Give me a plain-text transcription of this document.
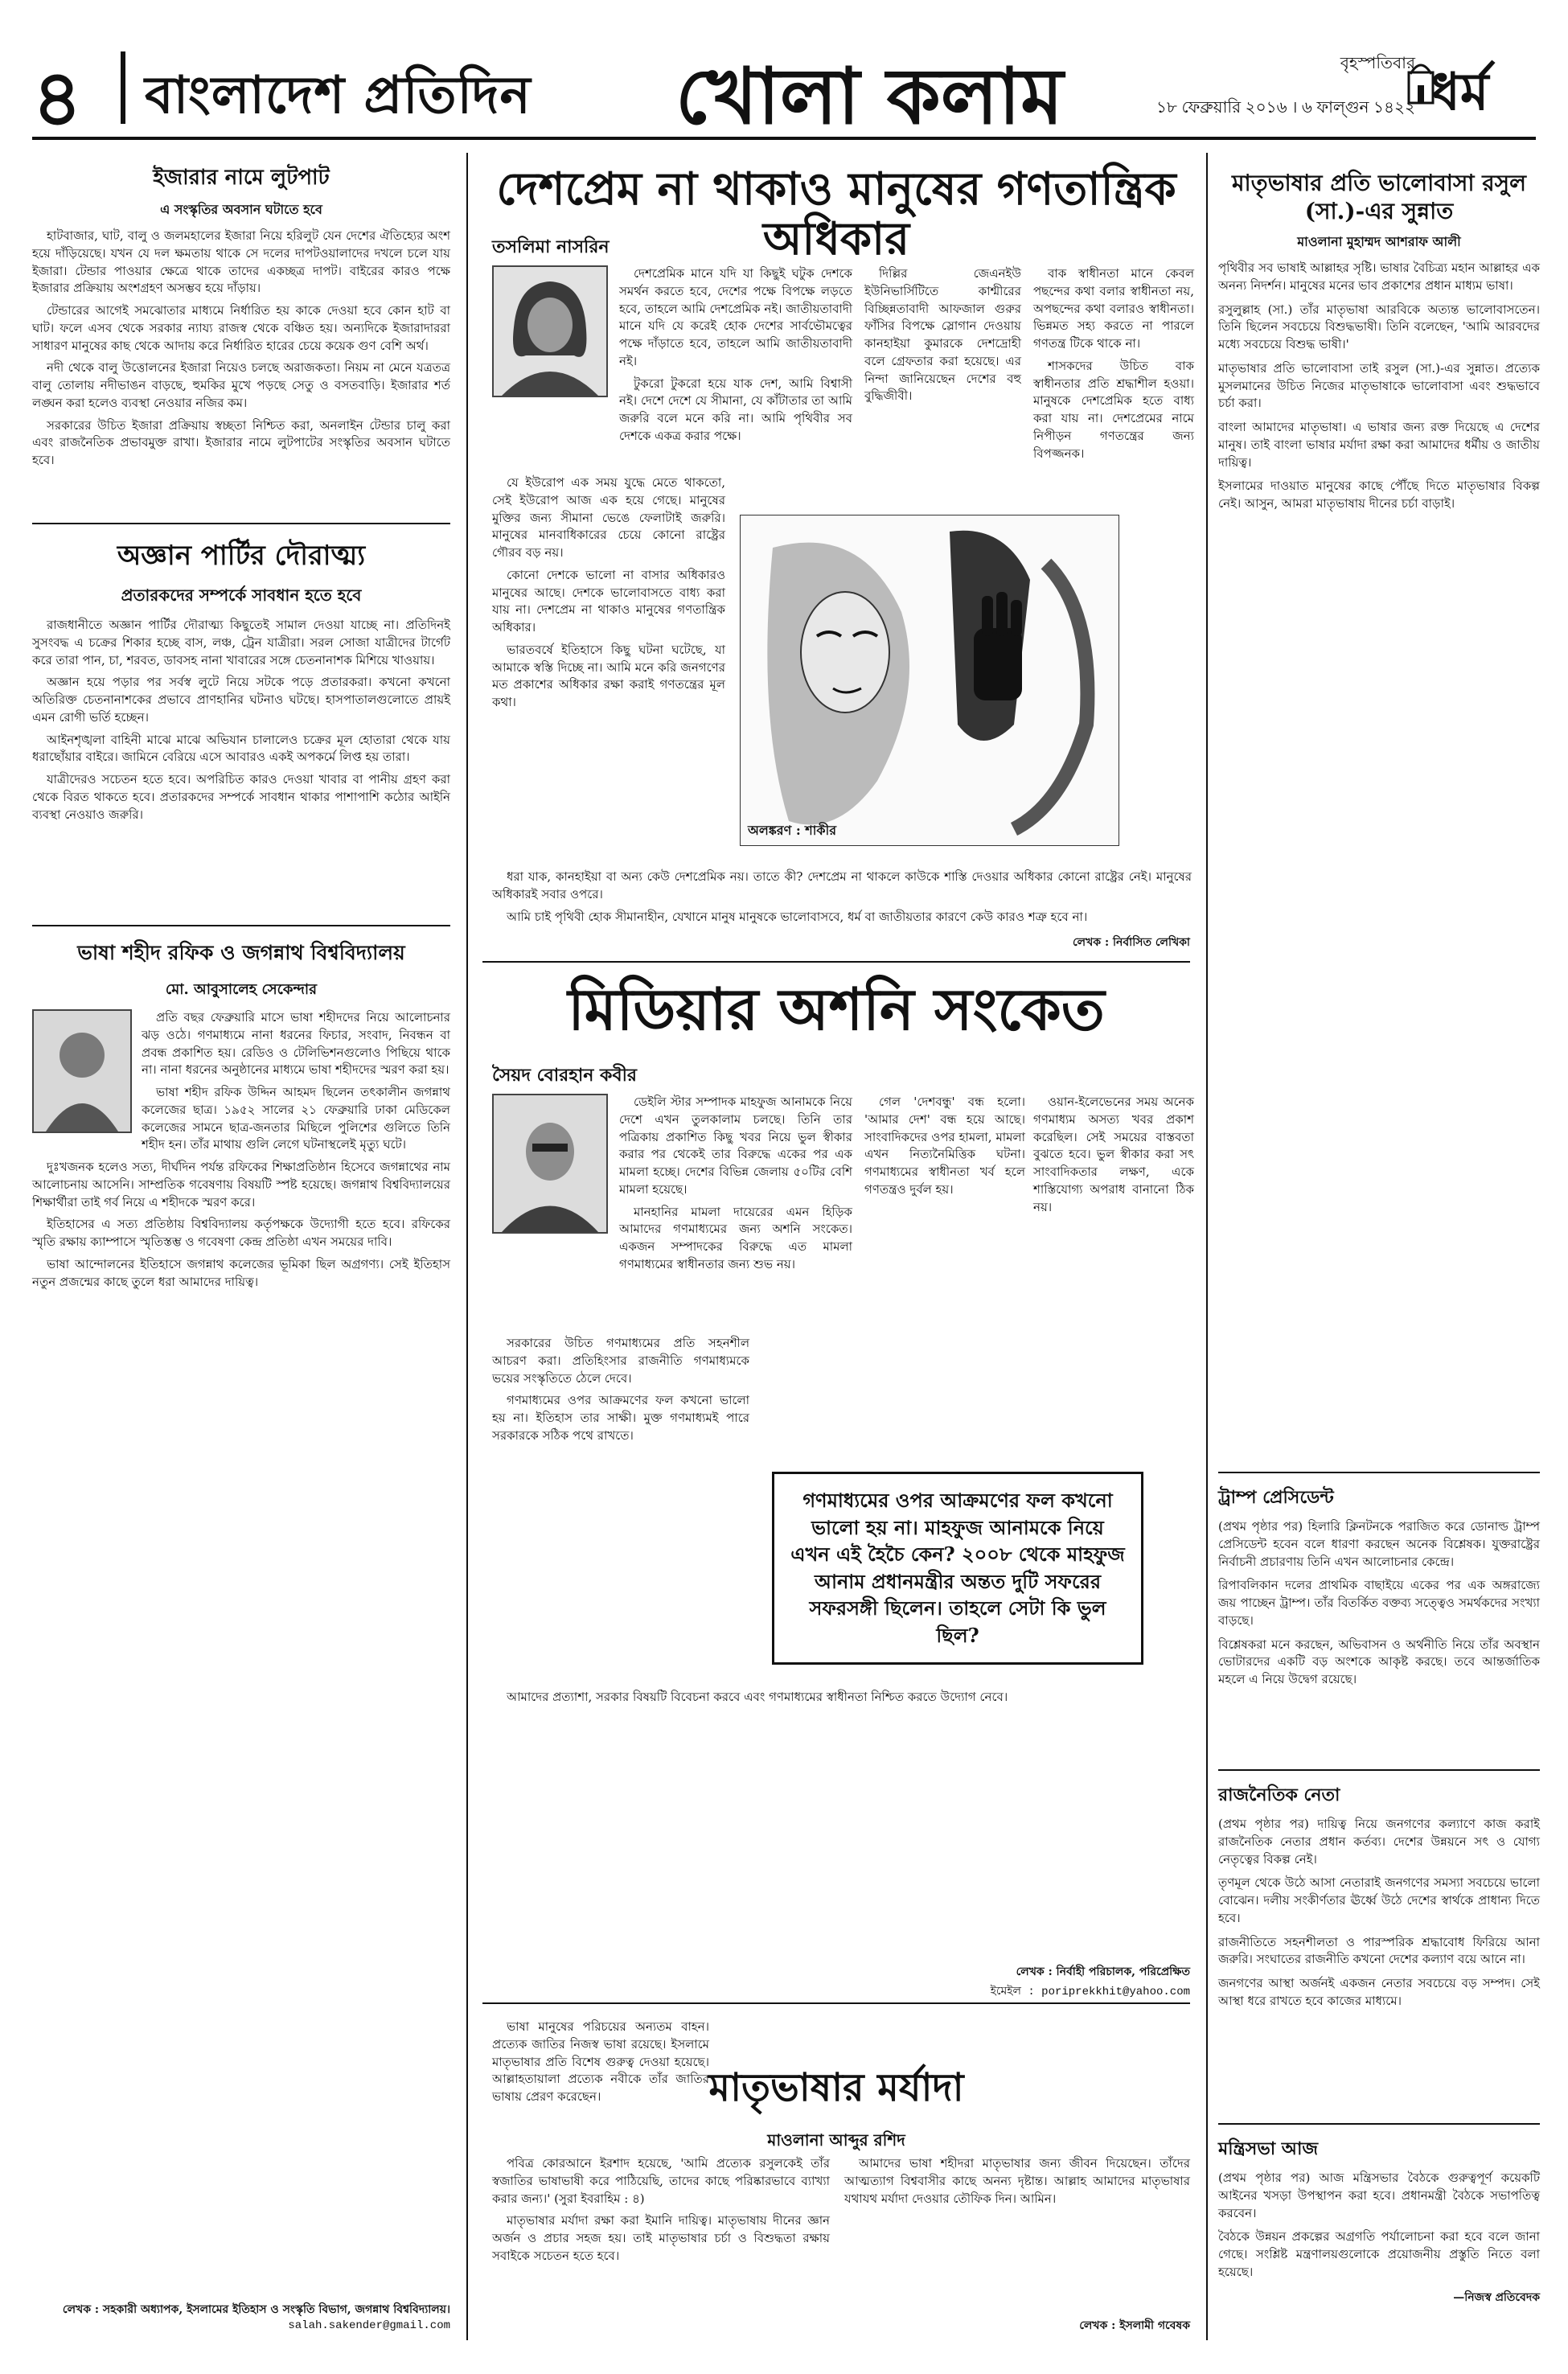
৪ বাংলাদেশ প্রতিদিন খোলা কলাম	বৃহস্পতিবার
১৮ ফেব্রুয়ারি ২০১৬ । ৬ ফাল্গুন ১৪২২ ধর্ম
ইজারার নামে লুটপাট
এ সংস্কৃতির অবসান ঘটাতে হবে

হাটবাজার, ঘাট, বালু ও জলমহালের ইজারা নিয়ে হরিলুট যেন দেশের ঐতিহ্যের অংশ হয়ে দাঁড়িয়েছে। যখন যে দল ক্ষমতায় থাকে সে দলের দাপটওয়ালাদের দখলে চলে যায় ইজারা। টেন্ডার পাওয়ার ক্ষেত্রে থাকে তাদের একচ্ছত্র দাপট। বাইরের কারও পক্ষে ইজারার প্রক্রিয়ায় অংশগ্রহণ অসম্ভব হয়ে দাঁড়ায়।

টেন্ডারের আগেই সমঝোতার মাধ্যমে নির্ধারিত হয় কাকে দেওয়া হবে কোন হাট বা ঘাট। ফলে এসব থেকে সরকার ন্যায্য রাজস্ব থেকে বঞ্চিত হয়। অন্যদিকে ইজারাদাররা সাধারণ মানুষের কাছ থেকে আদায় করে নির্ধারিত হারের চেয়ে কয়েক গুণ বেশি অর্থ।

নদী থেকে বালু উত্তোলনের ইজারা নিয়েও চলছে অরাজকতা। নিয়ম না মেনে যত্রতত্র বালু তোলায় নদীভাঙন বাড়ছে, হুমকির মুখে পড়ছে সেতু ও বসতবাড়ি। ইজারার শর্ত লঙ্ঘন করা হলেও ব্যবস্থা নেওয়ার নজির কম।

সরকারের উচিত ইজারা প্রক্রিয়ায় স্বচ্ছতা নিশ্চিত করা, অনলাইন টেন্ডার চালু করা এবং রাজনৈতিক প্রভাবমুক্ত রাখা। ইজারার নামে লুটপাটের সংস্কৃতির অবসান ঘটাতে হবে।

অজ্ঞান পার্টির দৌরাত্ম্য
প্রতারকদের সম্পর্কে সাবধান হতে হবে

রাজধানীতে অজ্ঞান পার্টির দৌরাত্ম্য কিছুতেই সামাল দেওয়া যাচ্ছে না। প্রতিদিনই সুসংবদ্ধ এ চক্রের শিকার হচ্ছে বাস, লঞ্চ, ট্রেন যাত্রীরা। সরল সোজা যাত্রীদের টার্গেট করে তারা পান, চা, শরবত, ডাবসহ নানা খাবারের সঙ্গে চেতনানাশক মিশিয়ে খাওয়ায়।

অজ্ঞান হয়ে পড়ার পর সর্বস্ব লুটে নিয়ে সটকে পড়ে প্রতারকরা। কখনো কখনো অতিরিক্ত চেতনানাশকের প্রভাবে প্রাণহানির ঘটনাও ঘটছে। হাসপাতালগুলোতে প্রায়ই এমন রোগী ভর্তি হচ্ছেন।

আইনশৃঙ্খলা বাহিনী মাঝে মাঝে অভিযান চালালেও চক্রের মূল হোতারা থেকে যায় ধরাছোঁয়ার বাইরে। জামিনে বেরিয়ে এসে আবারও একই অপকর্মে লিপ্ত হয় তারা।

যাত্রীদেরও সচেতন হতে হবে। অপরিচিত কারও দেওয়া খাবার বা পানীয় গ্রহণ করা থেকে বিরত থাকতে হবে। প্রতারকদের সম্পর্কে সাবধান থাকার পাশাপাশি কঠোর আইনি ব্যবস্থা নেওয়াও জরুরি।

ভাষা শহীদ রফিক ও জগন্নাথ বিশ্ববিদ্যালয়
মো. আবুসালেহ সেকেন্দার

প্রতি বছর ফেব্রুয়ারি মাসে ভাষা শহীদদের নিয়ে আলোচনার ঝড় ওঠে। গণমাধ্যমে নানা ধরনের ফিচার, সংবাদ, নিবন্ধন বা প্রবন্ধ প্রকাশিত হয়। রেডিও ও টেলিভিশনগুলোও পিছিয়ে থাকে না। নানা ধরনের অনুষ্ঠানের মাধ্যমে ভাষা শহীদদের স্মরণ করা হয়।

ভাষা শহীদ রফিক উদ্দিন আহমদ ছিলেন তৎকালীন জগন্নাথ কলেজের ছাত্র। ১৯৫২ সালের ২১ ফেব্রুয়ারি ঢাকা মেডিকেল কলেজের সামনে ছাত্র-জনতার মিছিলে পুলিশের গুলিতে তিনি শহীদ হন। তাঁর মাথায় গুলি লেগে ঘটনাস্থলেই মৃত্যু ঘটে।

দুঃখজনক হলেও সত্য, দীর্ঘদিন পর্যন্ত রফিকের শিক্ষাপ্রতিষ্ঠান হিসেবে জগন্নাথের নাম আলোচনায় আসেনি। সাম্প্রতিক গবেষণায় বিষয়টি স্পষ্ট হয়েছে। জগন্নাথ বিশ্ববিদ্যালয়ের শিক্ষার্থীরা তাই গর্ব নিয়ে এ শহীদকে স্মরণ করে।

ইতিহাসের এ সত্য প্রতিষ্ঠায় বিশ্ববিদ্যালয় কর্তৃপক্ষকে উদ্যোগী হতে হবে। রফিকের স্মৃতি রক্ষায় ক্যাম্পাসে স্মৃতিস্তম্ভ ও গবেষণা কেন্দ্র প্রতিষ্ঠা এখন সময়ের দাবি।

ভাষা আন্দোলনের ইতিহাসে জগন্নাথ কলেজের ভূমিকা ছিল অগ্রগণ্য। সেই ইতিহাস নতুন প্রজন্মের কাছে তুলে ধরা আমাদের দায়িত্ব।

লেখক : সহকারী অধ্যাপক, ইসলামের ইতিহাস ও সংস্কৃতি বিভাগ, জগন্নাথ বিশ্ববিদ্যালয়।
salah.sakender@gmail.com
দেশপ্রেম না থাকাও মানুষের গণতান্ত্রিক অধিকার
তসলিমা নাসরিন

দেশপ্রেমিক মানে যদি যা কিছুই ঘটুক দেশকে সমর্থন করতে হবে, দেশের পক্ষে বিপক্ষে লড়তে হবে, তাহলে আমি দেশপ্রেমিক নই। জাতীয়তাবাদী মানে যদি যে করেই হোক দেশের সার্বভৌমত্বের পক্ষে দাঁড়াতে হবে, তাহলে আমি জাতীয়তাবাদী নই।

টুকরো টুকরো হয়ে যাক দেশ, আমি বিশ্বাসী নই। দেশে দেশে যে সীমানা, যে কাঁটাতার তা আমি জরুরি বলে মনে করি না। আমি পৃথিবীর সব দেশকে একত্র করার পক্ষে।

যে ইউরোপ এক সময় যুদ্ধে মেতে থাকতো, সেই ইউরোপ আজ এক হয়ে গেছে। মানুষের মুক্তির জন্য সীমানা ভেঙে ফেলাটাই জরুরি। মানুষের মানবাধিকারের চেয়ে কোনো রাষ্ট্রের গৌরব বড় নয়।

কোনো দেশকে ভালো না বাসার অধিকারও মানুষের আছে। দেশকে ভালোবাসতে বাধ্য করা যায় না। দেশপ্রেম না থাকাও মানুষের গণতান্ত্রিক অধিকার।

ভারতবর্ষে ইতিহাসে কিছু ঘটনা ঘটেছে, যা আমাকে স্বস্তি দিচ্ছে না। আমি মনে করি জনগণের মত প্রকাশের অধিকার রক্ষা করাই গণতন্ত্রের মূল কথা।

দিল্লির জেএনইউ ইউনিভার্সিটিতে কাশ্মীরের বিচ্ছিন্নতাবাদী আফজাল গুরুর ফাঁসির বিপক্ষে স্লোগান দেওয়ায় কানহাইয়া কুমারকে দেশদ্রোহী বলে গ্রেফতার করা হয়েছে। এর নিন্দা জানিয়েছেন দেশের বহু বুদ্ধিজীবী।

বাক স্বাধীনতা মানে কেবল পছন্দের কথা বলার স্বাধীনতা নয়, অপছন্দের কথা বলারও স্বাধীনতা। ভিন্নমত সহ্য করতে না পারলে গণতন্ত্র টিকে থাকে না।

শাসকদের উচিত বাক স্বাধীনতার প্রতি শ্রদ্ধাশীল হওয়া। মানুষকে দেশপ্রেমিক হতে বাধ্য করা যায় না। দেশপ্রেমের নামে নিপীড়ন গণতন্ত্রের জন্য বিপজ্জনক।

অলঙ্করণ : শাকীর

ধরা যাক, কানহাইয়া বা অন্য কেউ দেশপ্রেমিক নয়। তাতে কী? দেশপ্রেম না থাকলে কাউকে শাস্তি দেওয়ার অধিকার কোনো রাষ্ট্রের নেই। মানুষের অধিকারই সবার ওপরে।

আমি চাই পৃথিবী হোক সীমানাহীন, যেখানে মানুষ মানুষকে ভালোবাসবে, ধর্ম বা জাতীয়তার কারণে কেউ কারও শত্রু হবে না।

লেখক : নির্বাসিত লেখিকা
মিডিয়ার অশনি সংকেত
সৈয়দ বোরহান কবীর

ডেইলি স্টার সম্পাদক মাহফুজ আনামকে নিয়ে দেশে এখন তুলকালাম চলছে। তিনি তার পত্রিকায় প্রকাশিত কিছু খবর নিয়ে ভুল স্বীকার করার পর থেকেই তার বিরুদ্ধে একের পর এক মামলা হচ্ছে। দেশের বিভিন্ন জেলায় ৫০টির বেশি মামলা হয়েছে।

মানহানির মামলা দায়েরের এমন হিড়িক আমাদের গণমাধ্যমের জন্য অশনি সংকেত। একজন সম্পাদকের বিরুদ্ধে এত মামলা গণমাধ্যমের স্বাধীনতার জন্য শুভ নয়।

গেল 'দেশবন্ধু' বন্ধ হলো। 'আমার দেশ' বন্ধ হয়ে আছে। সাংবাদিকদের ওপর হামলা, মামলা এখন নিত্যনৈমিত্তিক ঘটনা। গণমাধ্যমের স্বাধীনতা খর্ব হলে গণতন্ত্রও দুর্বল হয়।

ওয়ান-ইলেভেনের সময় অনেক গণমাধ্যম অসত্য খবর প্রকাশ করেছিল। সেই সময়ের বাস্তবতা বুঝতে হবে। ভুল স্বীকার করা সৎ সাংবাদিকতার লক্ষণ, একে শাস্তিযোগ্য অপরাধ বানানো ঠিক নয়।

গণমাধ্যমের ওপর আক্রমণের ফল কখনো ভালো হয় না। মাহফুজ আনামকে নিয়ে এখন এই হৈচৈ কেন? ২০০৮ থেকে মাহফুজ আনাম প্রধানমন্ত্রীর অন্তত দুটি সফরের সফরসঙ্গী ছিলেন। তাহলে সেটা কি ভুল ছিল?

সরকারের উচিত গণমাধ্যমের প্রতি সহনশীল আচরণ করা। প্রতিহিংসার রাজনীতি গণমাধ্যমকে ভয়ের সংস্কৃতিতে ঠেলে দেবে।

গণমাধ্যমের ওপর আক্রমণের ফল কখনো ভালো হয় না। ইতিহাস তার সাক্ষী। মুক্ত গণমাধ্যমই পারে সরকারকে সঠিক পথে রাখতে।

আমাদের প্রত্যাশা, সরকার বিষয়টি বিবেচনা করবে এবং গণমাধ্যমের স্বাধীনতা নিশ্চিত করতে উদ্যোগ নেবে।

লেখক : নির্বাহী পরিচালক, পরিপ্রেক্ষিত
ইমেইল : poriprekkhit@yahoo.com
মাতৃভাষার মর্যাদা
মাওলানা আব্দুর রশিদ

ভাষা মানুষের পরিচয়ের অন্যতম বাহন। প্রত্যেক জাতির নিজস্ব ভাষা রয়েছে। ইসলামে মাতৃভাষার প্রতি বিশেষ গুরুত্ব দেওয়া হয়েছে। আল্লাহতায়ালা প্রত্যেক নবীকে তাঁর জাতির ভাষায় প্রেরণ করেছেন।

পবিত্র কোরআনে ইরশাদ হয়েছে, 'আমি প্রত্যেক রসুলকেই তাঁর স্বজাতির ভাষাভাষী করে পাঠিয়েছি, তাদের কাছে পরিষ্কারভাবে ব্যাখ্যা করার জন্য।' (সুরা ইবরাহিম : ৪)

মাতৃভাষার মর্যাদা রক্ষা করা ইমানি দায়িত্ব। মাতৃভাষায় দীনের জ্ঞান অর্জন ও প্রচার সহজ হয়। তাই মাতৃভাষার চর্চা ও বিশুদ্ধতা রক্ষায় সবাইকে সচেতন হতে হবে।

আমাদের ভাষা শহীদরা মাতৃভাষার জন্য জীবন দিয়েছেন। তাঁদের আত্মত্যাগ বিশ্ববাসীর কাছে অনন্য দৃষ্টান্ত। আল্লাহ আমাদের মাতৃভাষার যথাযথ মর্যাদা দেওয়ার তৌফিক দিন। আমিন।

লেখক : ইসলামী গবেষক
মাতৃভাষার প্রতি ভালোবাসা রসুল (সা.)-এর সুন্নাত
মাওলানা মুহাম্মদ আশরাফ আলী

পৃথিবীর সব ভাষাই আল্লাহর সৃষ্টি। ভাষার বৈচিত্র্য মহান আল্লাহর এক অনন্য নিদর্শন। মানুষের মনের ভাব প্রকাশের প্রধান মাধ্যম ভাষা।

রসুলুল্লাহ (সা.) তাঁর মাতৃভাষা আরবিকে অত্যন্ত ভালোবাসতেন। তিনি ছিলেন সবচেয়ে বিশুদ্ধভাষী। তিনি বলেছেন, 'আমি আরবদের মধ্যে সবচেয়ে বিশুদ্ধ ভাষী।'

মাতৃভাষার প্রতি ভালোবাসা তাই রসুল (সা.)-এর সুন্নাত। প্রত্যেক মুসলমানের উচিত নিজের মাতৃভাষাকে ভালোবাসা এবং শুদ্ধভাবে চর্চা করা।

বাংলা আমাদের মাতৃভাষা। এ ভাষার জন্য রক্ত দিয়েছে এ দেশের মানুষ। তাই বাংলা ভাষার মর্যাদা রক্ষা করা আমাদের ধর্মীয় ও জাতীয় দায়িত্ব।

ইসলামের দাওয়াত মানুষের কাছে পৌঁছে দিতে মাতৃভাষার বিকল্প নেই। আসুন, আমরা মাতৃভাষায় দীনের চর্চা বাড়াই।

ট্রাম্প প্রেসিডেন্ট

(প্রথম পৃষ্ঠার পর) হিলারি ক্লিনটনকে পরাজিত করে ডোনাল্ড ট্রাম্প প্রেসিডেন্ট হবেন বলে ধারণা করছেন অনেক বিশ্লেষক। যুক্তরাষ্ট্রের নির্বাচনী প্রচারণায় তিনি এখন আলোচনার কেন্দ্রে।

রিপাবলিকান দলের প্রাথমিক বাছাইয়ে একের পর এক অঙ্গরাজ্যে জয় পাচ্ছেন ট্রাম্প। তাঁর বিতর্কিত বক্তব্য সত্ত্বেও সমর্থকদের সংখ্যা বাড়ছে।

বিশ্লেষকরা মনে করছেন, অভিবাসন ও অর্থনীতি নিয়ে তাঁর অবস্থান ভোটারদের একটি বড় অংশকে আকৃষ্ট করছে। তবে আন্তর্জাতিক মহলে এ নিয়ে উদ্বেগ রয়েছে।

রাজনৈতিক নেতা

(প্রথম পৃষ্ঠার পর) দায়িত্ব নিয়ে জনগণের কল্যাণে কাজ করাই রাজনৈতিক নেতার প্রধান কর্তব্য। দেশের উন্নয়নে সৎ ও যোগ্য নেতৃত্বের বিকল্প নেই।

তৃণমূল থেকে উঠে আসা নেতারাই জনগণের সমস্যা সবচেয়ে ভালো বোঝেন। দলীয় সংকীর্ণতার ঊর্ধ্বে উঠে দেশের স্বার্থকে প্রাধান্য দিতে হবে।

রাজনীতিতে সহনশীলতা ও পারস্পরিক শ্রদ্ধাবোধ ফিরিয়ে আনা জরুরি। সংঘাতের রাজনীতি কখনো দেশের কল্যাণ বয়ে আনে না।

জনগণের আস্থা অর্জনই একজন নেতার সবচেয়ে বড় সম্পদ। সেই আস্থা ধরে রাখতে হবে কাজের মাধ্যমে।

মন্ত্রিসভা আজ

(প্রথম পৃষ্ঠার পর) আজ মন্ত্রিসভার বৈঠকে গুরুত্বপূর্ণ কয়েকটি আইনের খসড়া উপস্থাপন করা হবে। প্রধানমন্ত্রী বৈঠকে সভাপতিত্ব করবেন।

বৈঠকে উন্নয়ন প্রকল্পের অগ্রগতি পর্যালোচনা করা হবে বলে জানা গেছে। সংশ্লিষ্ট মন্ত্রণালয়গুলোকে প্রয়োজনীয় প্রস্তুতি নিতে বলা হয়েছে।

—নিজস্ব প্রতিবেদক
